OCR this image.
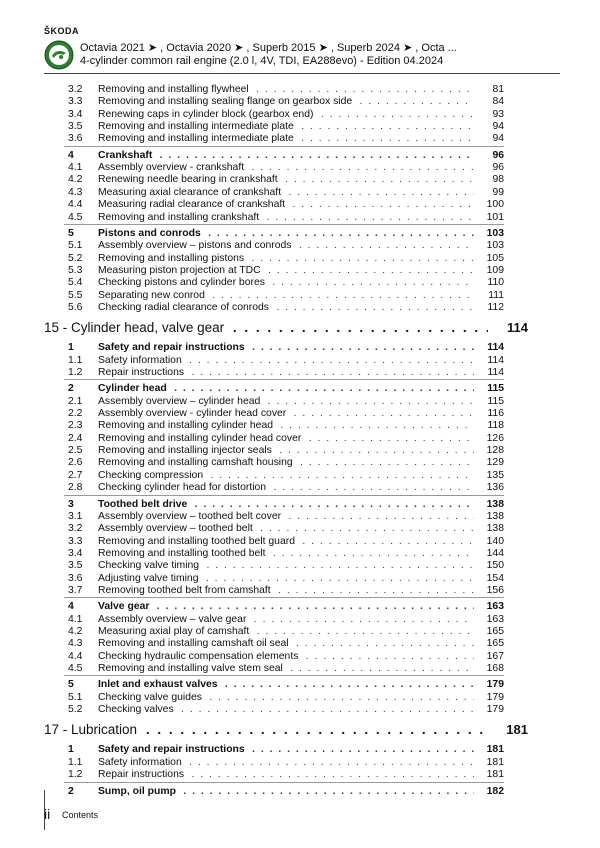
ŠKODA
Octavia 2021 ➤ , Octavia 2020 ➤ , Superb 2015 ➤ , Superb 2024 ➤ , Octa ...
4-cylinder common rail engine (2.0 l, 4V, TDI, EA288evo) - Edition 04.2024
3.2 Removing and installing flywheel . . .	81
3.3 Removing and installing sealing flange on gearbox side . . .	84
3.4 Renewing caps in cylinder block (gearbox end) . . .	93
3.5 Removing and installing intermediate plate . . .	94
3.6 Removing and installing intermediate plate . . .	94
4 Crankshaft . . .	96
4.1 Assembly overview - crankshaft . . .	96
4.2 Renewing needle bearing in crankshaft . . .	98
4.3 Measuring axial clearance of crankshaft . . .	99
4.4 Measuring radial clearance of crankshaft . . .	100
4.5 Removing and installing crankshaft . . .	101
5 Pistons and conrods . . .	103
5.1 Assembly overview – pistons and conrods . . .	103
5.2 Removing and installing pistons . . .	105
5.3 Measuring piston projection at TDC . . .	109
5.4 Checking pistons and cylinder bores . . .	110
5.5 Separating new conrod . . .	111
5.6 Checking radial clearance of conrods . . .	112
15 - Cylinder head, valve gear . . .	114
1 Safety and repair instructions . . .	114
1.1 Safety information . . .	114
1.2 Repair instructions . . .	114
2 Cylinder head . . .	115
2.1 Assembly overview – cylinder head . . .	115
2.2 Assembly overview - cylinder head cover . . .	116
2.3 Removing and installing cylinder head . . .	118
2.4 Removing and installing cylinder head cover . . .	126
2.5 Removing and installing injector seals . . .	128
2.6 Removing and installing camshaft housing . . .	129
2.7 Checking compression . . .	135
2.8 Checking cylinder head for distortion . . .	136
3 Toothed belt drive . . .	138
3.1 Assembly overview – toothed belt cover . . .	138
3.2 Assembly overview – toothed belt . . .	138
3.3 Removing and installing toothed belt guard . . .	140
3.4 Removing and installing toothed belt . . .	144
3.5 Checking valve timing . . .	150
3.6 Adjusting valve timing . . .	154
3.7 Removing toothed belt from camshaft . . .	156
4 Valve gear . . .	163
4.1 Assembly overview – valve gear . . .	163
4.2 Measuring axial play of camshaft . . .	165
4.3 Removing and installing camshaft oil seal . . .	165
4.4 Checking hydraulic compensation elements . . .	167
4.5 Removing and installing valve stem seal . . .	168
5 Inlet and exhaust valves . . .	179
5.1 Checking valve guides . . .	179
5.2 Checking valves . . .	179
17 - Lubrication . . .	181
1 Safety and repair instructions . . .	181
1.1 Safety information . . .	181
1.2 Repair instructions . . .	181
2 Sump, oil pump . . .	182
ii Contents
